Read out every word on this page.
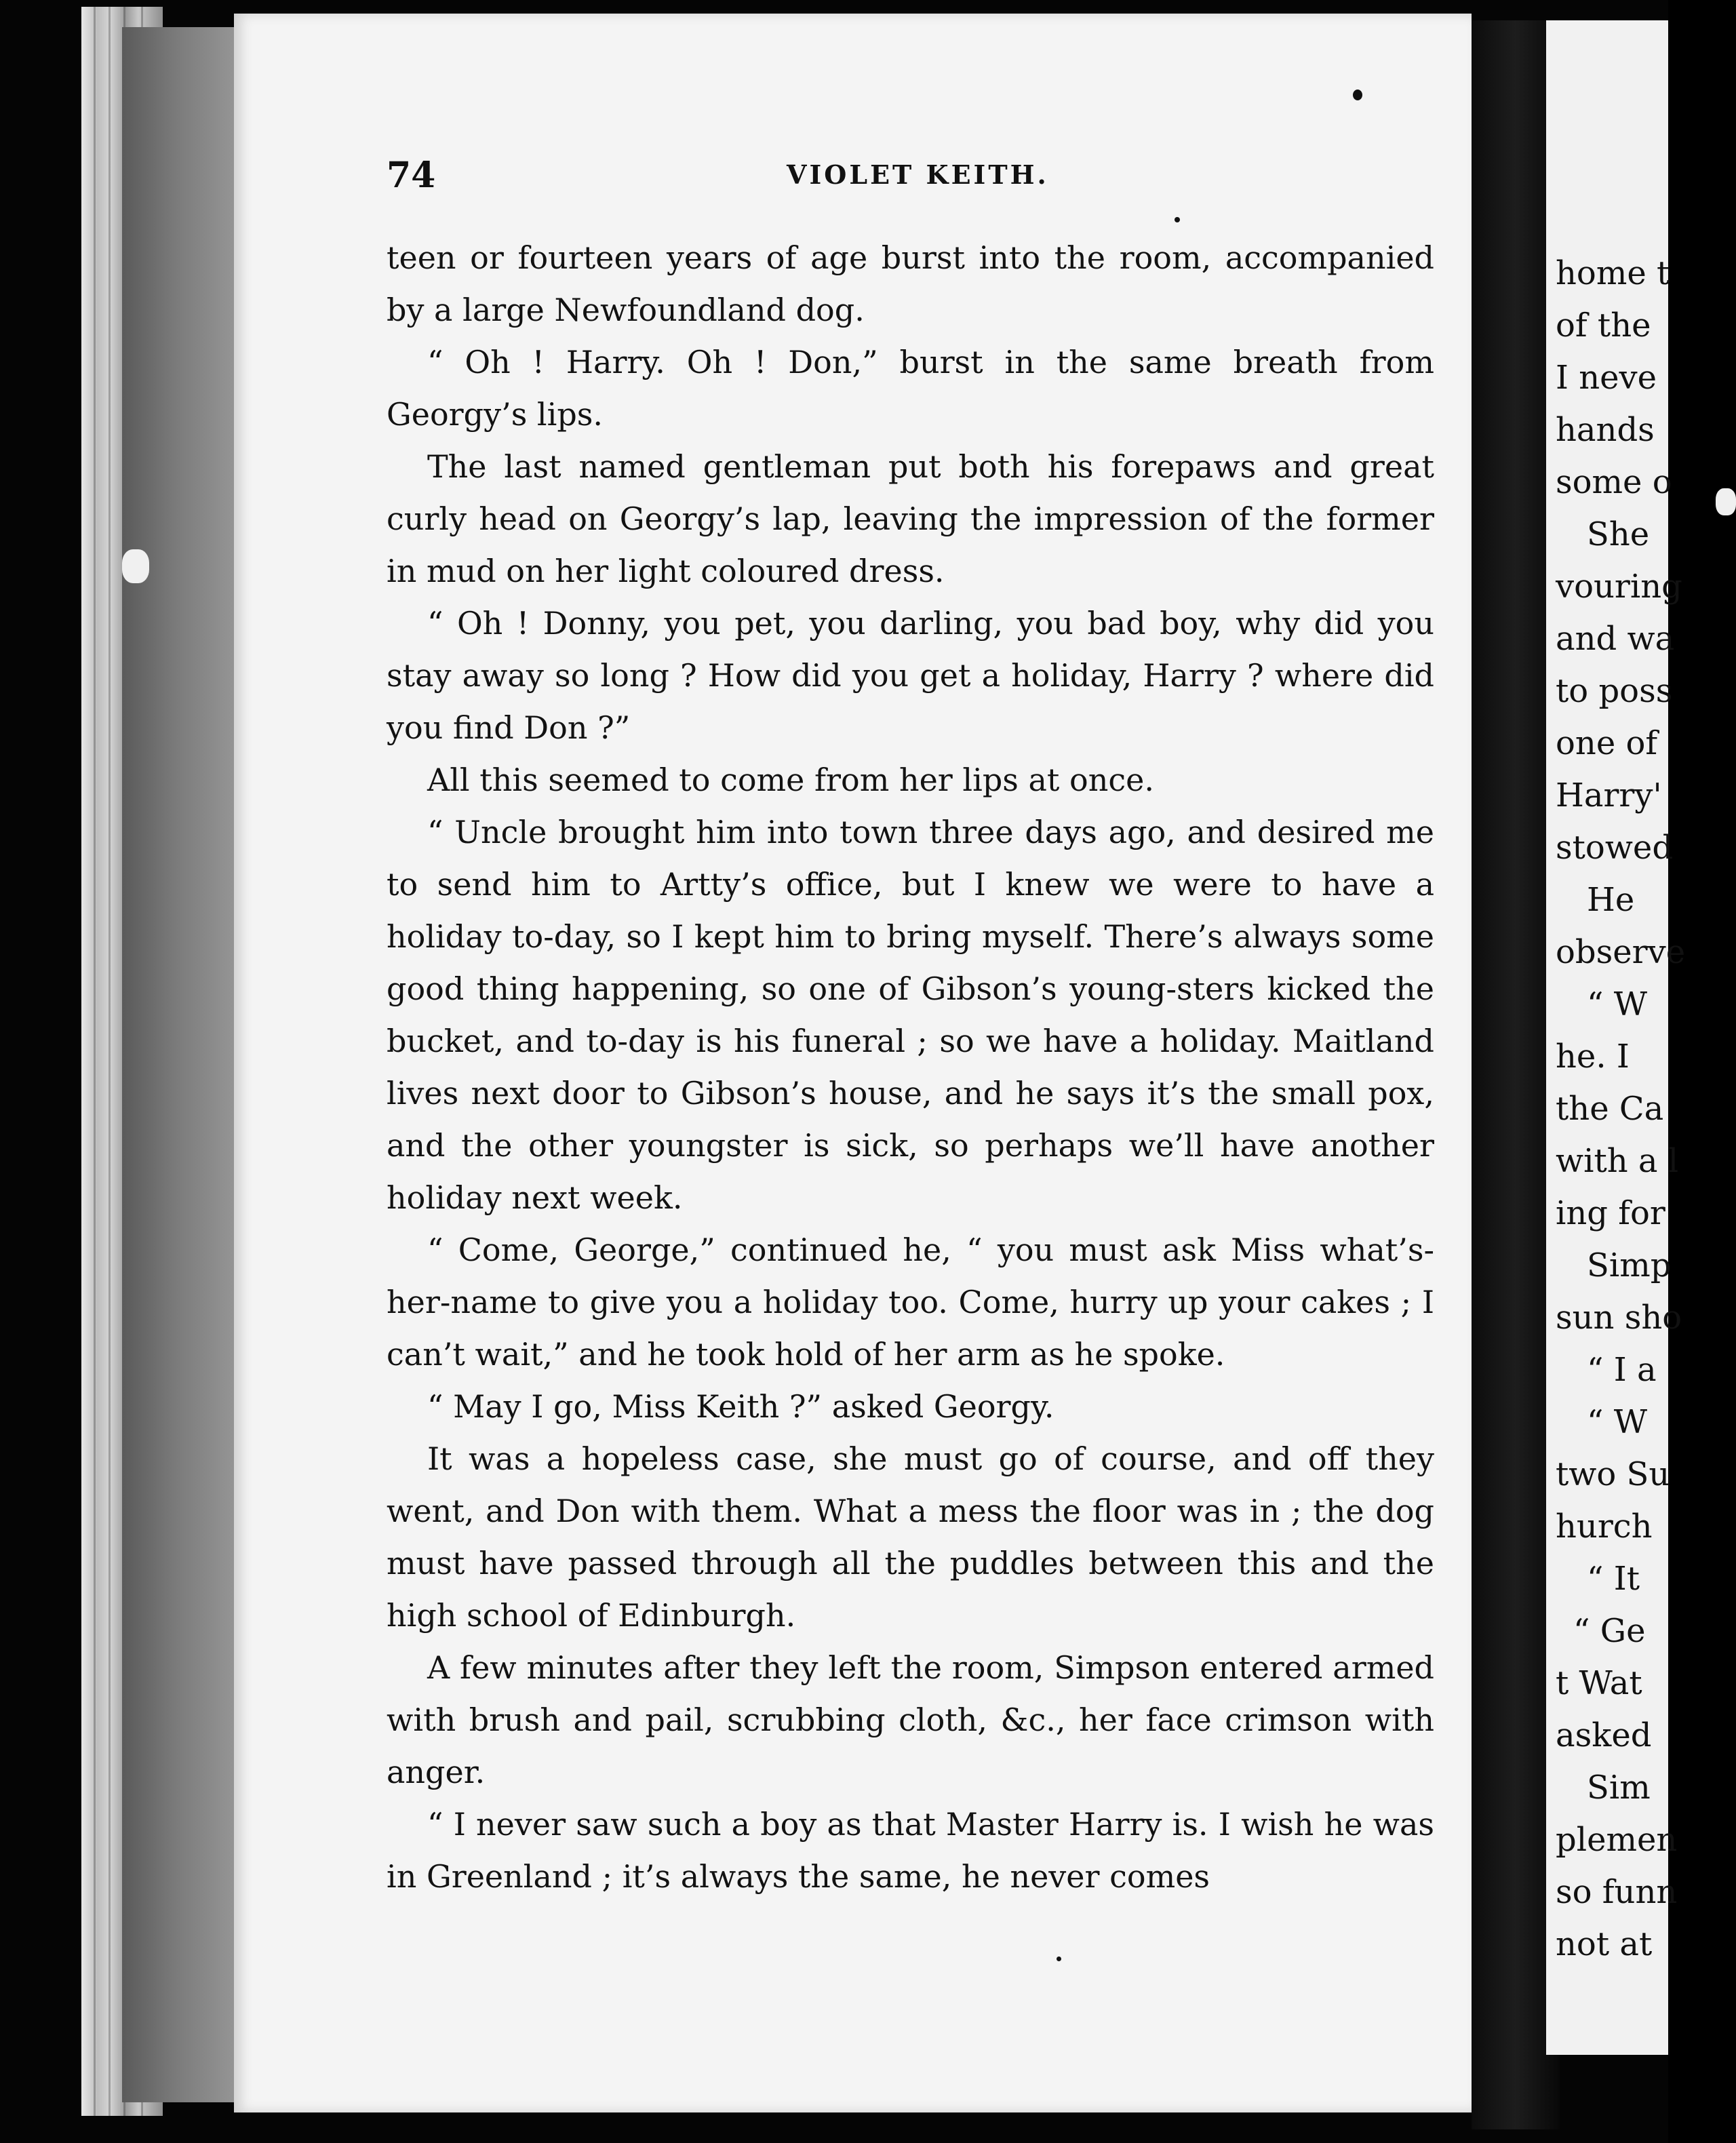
home t
of the
I neve
hands
some o
She
vouring
and wa
to poss
one of
Harry'
stowed
He
observe
“ W
he. I
the Ca
with a l
ing for
Simp
sun sho
“ I a
“ W
two Su
hurch
“ It
“ Ge
t Wat
asked
Sim
plemen
so funn
not at
74	VIOLET KEITH.

teen or fourteen years of age burst into the room, accompanied by a large Newfoundland dog.

“ Oh ! Harry. Oh ! Don,” burst in the same breath from Georgy’s lips.

The last named gentleman put both his forepaws and great curly head on Georgy’s lap, leaving the impression of the former in mud on her light coloured dress.

“ Oh ! Donny, you pet, you darling, you bad boy, why did you stay away so long ? How did you get a holiday, Harry ? where did you find Don ?”

All this seemed to come from her lips at once.

“ Uncle brought him into town three days ago, and desired me to send him to Artty’s office, but I knew we were to have a holiday to-day, so I kept him to bring myself. There’s always some good thing happening, so one of Gibson’s young-sters kicked the bucket, and to-day is his funeral ; so we have a holiday. Maitland lives next door to Gibson’s house, and he says it’s the small pox, and the other youngster is sick, so perhaps we’ll have another holiday next week.

“ Come, George,” continued he, “ you must ask Miss what’s-her-name to give you a holiday too. Come, hurry up your cakes ; I can’t wait,” and he took hold of her arm as he spoke.

“ May I go, Miss Keith ?” asked Georgy.

It was a hopeless case, she must go of course, and off they went, and Don with them. What a mess the floor was in ; the dog must have passed through all the puddles between this and the high school of Edinburgh.

A few minutes after they left the room, Simpson entered armed with brush and pail, scrubbing cloth, &c., her face crimson with anger.

“ I never saw such a boy as that Master Harry is. I wish he was in Greenland ; it’s always the same, he never comes
